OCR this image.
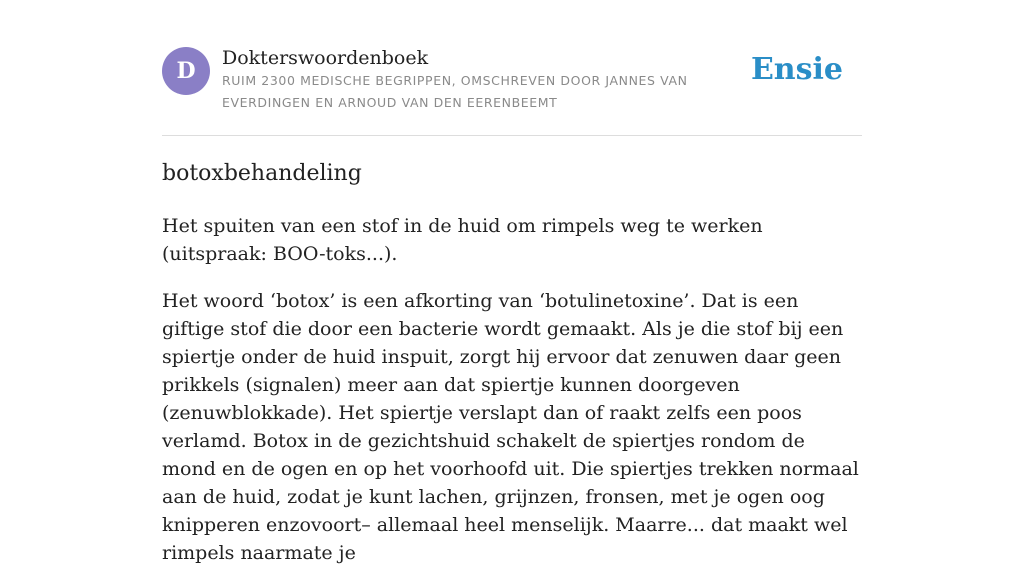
D	Dokterswoordenboek
RUIM 2300 MEDISCHE BEGRIPPEN, OMSCHREVEN DOOR JANNES VAN EVERDINGEN EN ARNOUD VAN DEN EERENBEEMT
Ensie
botoxbehandeling

Het spuiten van een stof in de huid om rimpels weg te werken (uitspraak: BOO-toks...).

Het woord ‘botox’ is een afkorting van ‘botulinetoxine’. Dat is een giftige stof die door een bacterie wordt gemaakt. Als je die stof bij een spiertje onder de huid inspuit, zorgt hij ervoor dat zenuwen daar geen prikkels (signalen) meer aan dat spiertje kunnen doorgeven (zenuwblokkade). Het spiertje verslapt dan of raakt zelfs een poos verlamd. Botox in de gezichtshuid schakelt de spiertjes rondom de mond en de ogen en op het voorhoofd uit. Die spiertjes trekken normaal aan de huid, zodat je kunt lachen, grijnzen, fronsen, met je ogen oog knipperen enzovoort– allemaal heel menselijk. Maarre... dat maakt wel rimpels naarmate je
